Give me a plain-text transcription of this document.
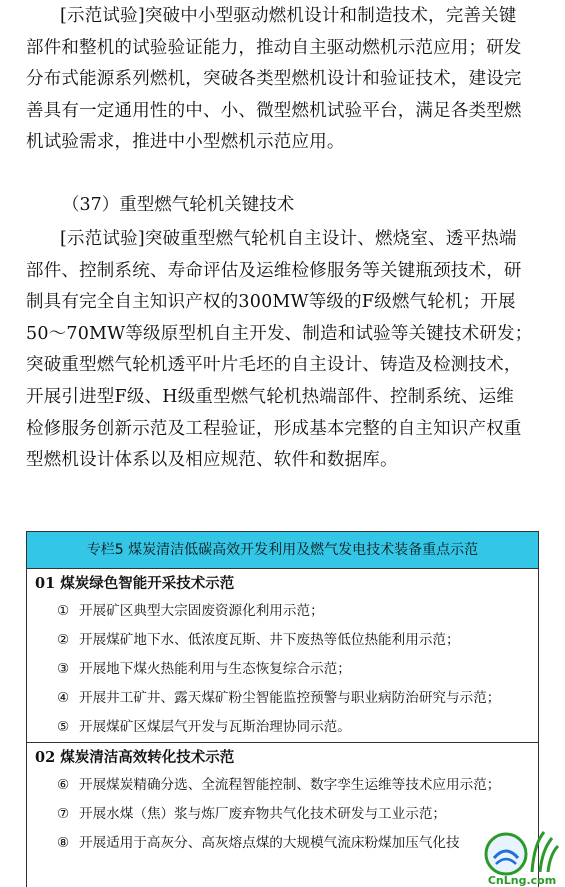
[示范试验]突破中小型驱动燃机设计和制造技术，完善关键
部件和整机的试验验证能力，推动自主驱动燃机示范应用；研发
分布式能源系列燃机，突破各类型燃机设计和验证技术，建设完
善具有一定通用性的中、小、微型燃机试验平台，满足各类型燃
机试验需求，推进中小型燃机示范应用。
（37）重型燃气轮机关键技术
[示范试验]突破重型燃气轮机自主设计、燃烧室、透平热端
部件、控制系统、寿命评估及运维检修服务等关键瓶颈技术，研
制具有完全自主知识产权的300MW等级的F级燃气轮机；开展
50～70MW等级原型机自主开发、制造和试验等关键技术研发；
突破重型燃气轮机透平叶片毛坯的自主设计、铸造及检测技术，
开展引进型F级、H级重型燃气轮机热端部件、控制系统、运维
检修服务创新示范及工程验证，形成基本完整的自主知识产权重
型燃机设计体系以及相应规范、软件和数据库。
专栏5 煤炭清洁低碳高效开发利用及燃气发电技术装备重点示范
01 煤炭绿色智能开采技术示范
① 开展矿区典型大宗固废资源化利用示范；
② 开展煤矿地下水、低浓度瓦斯、井下废热等低位热能利用示范；
③ 开展地下煤火热能利用与生态恢复综合示范；
④ 开展井工矿井、露天煤矿粉尘智能监控预警与职业病防治研究与示范；
⑤ 开展煤矿区煤层气开发与瓦斯治理协同示范。
02 煤炭清洁高效转化技术示范
⑥ 开展煤炭精确分选、全流程智能控制、数字孪生运维等技术应用示范；
⑦ 开展水煤（焦）浆与炼厂废弃物共气化技术研发与工业示范；
⑧ 开展适用于高灰分、高灰熔点煤的大规模气流床粉煤加压气化技
CnLng.com
